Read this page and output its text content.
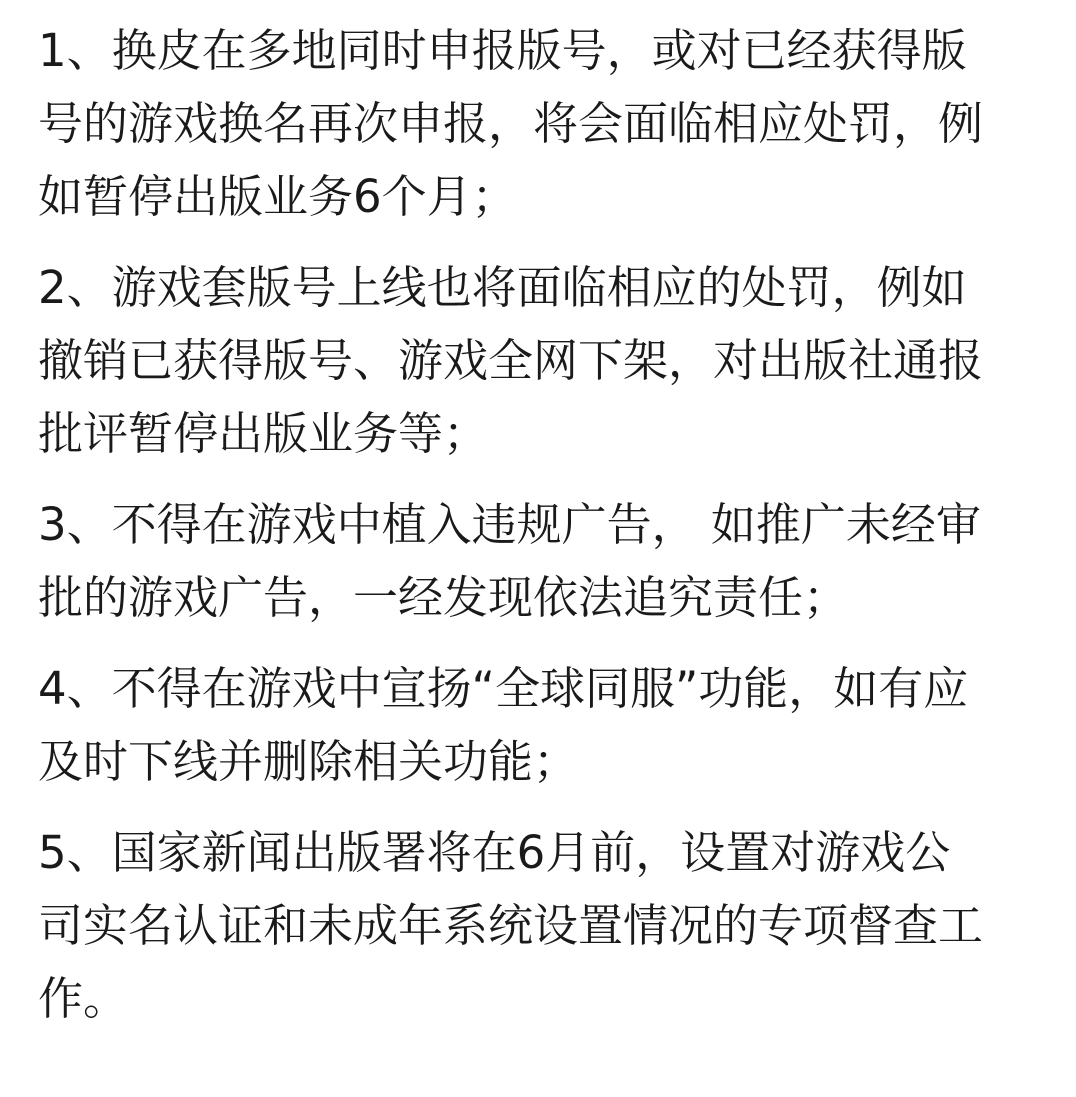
1、换皮在多地同时申报版号，或对已经获得版
号的游戏换名再次申报，将会面临相应处罚，例
如暂停出版业务6个月；
2、游戏套版号上线也将面临相应的处罚，例如
撤销已获得版号、游戏全网下架，对出版社通报
批评暂停出版业务等；
3、不得在游戏中植入违规广告， 如推广未经审
批的游戏广告，一经发现依法追究责任；
4、不得在游戏中宣扬“全球同服”功能，如有应
及时下线并删除相关功能；
5、国家新闻出版署将在6月前，设置对游戏公
司实名认证和未成年系统设置情况的专项督查工
作。
